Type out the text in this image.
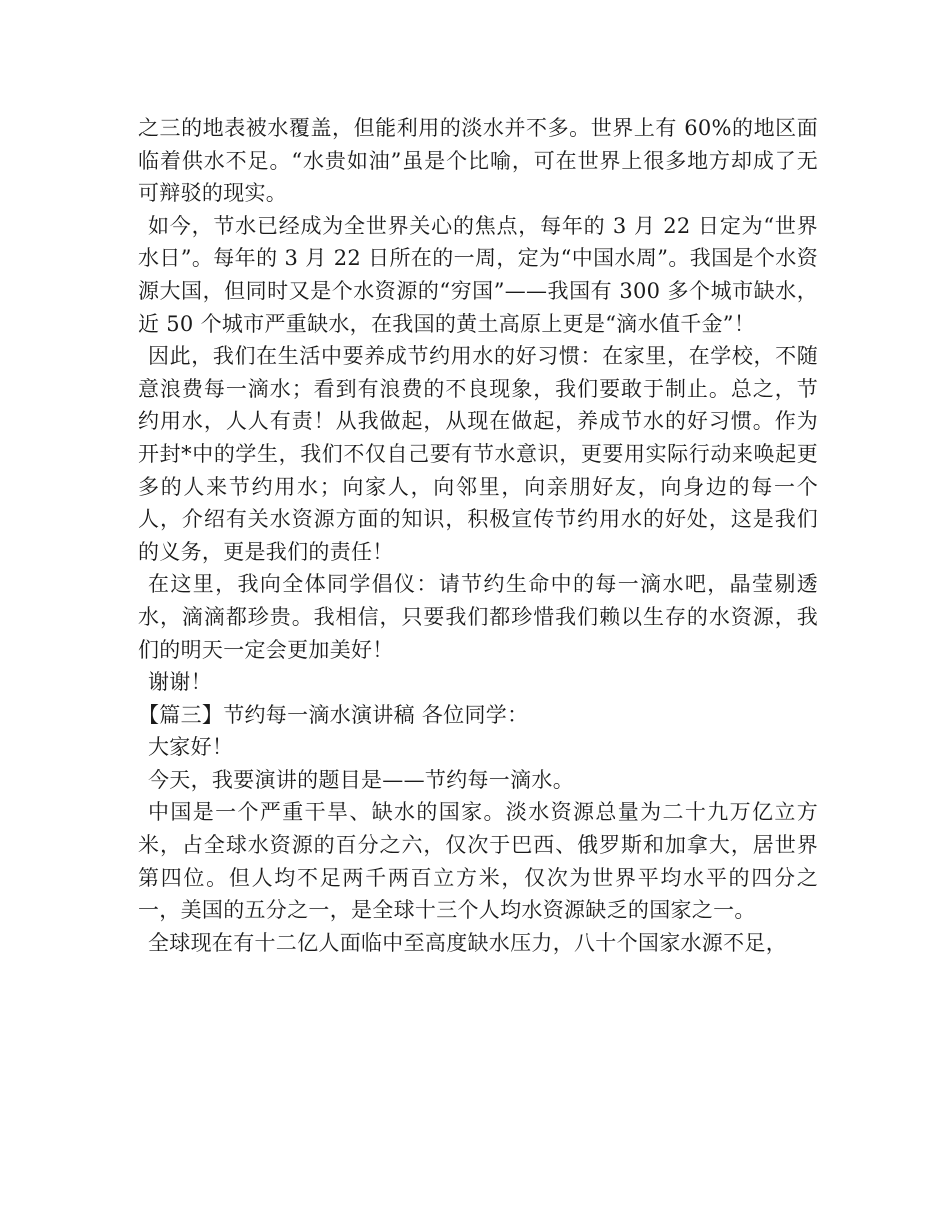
之三的地表被水覆盖，但能利用的淡水并不多。世界上有 60%的地区面临着供水不足。“水贵如油”虽是个比喻，可在世界上很多地方却成了无可辩驳的现实。

如今，节水已经成为全世界关心的焦点，每年的 3 月 22 日定为“世界水日”。每年的 3 月 22 日所在的一周，定为“中国水周”。我国是个水资源大国，但同时又是个水资源的“穷国”——我国有 300 多个城市缺水，近 50 个城市严重缺水，在我国的黄土高原上更是“滴水值千金”！

因此，我们在生活中要养成节约用水的好习惯：在家里，在学校，不随意浪费每一滴水；看到有浪费的不良现象，我们要敢于制止。总之，节约用水，人人有责！从我做起，从现在做起，养成节水的好习惯。作为开封*中的学生，我们不仅自己要有节水意识，更要用实际行动来唤起更多的人来节约用水；向家人，向邻里，向亲朋好友，向身边的每一个人，介绍有关水资源方面的知识，积极宣传节约用水的好处，这是我们的义务，更是我们的责任！

在这里，我向全体同学倡仪：请节约生命中的每一滴水吧，晶莹剔透水，滴滴都珍贵。我相信，只要我们都珍惜我们赖以生存的水资源，我们的明天一定会更加美好！

谢谢！

【篇三】节约每一滴水演讲稿 各位同学：

大家好！

今天，我要演讲的题目是——节约每一滴水。

中国是一个严重干旱、缺水的国家。淡水资源总量为二十九万亿立方米，占全球水资源的百分之六，仅次于巴西、俄罗斯和加拿大，居世界第四位。但人均不足两千两百立方米，仅次为世界平均水平的四分之一，美国的五分之一，是全球十三个人均水资源缺乏的国家之一。

全球现在有十二亿人面临中至高度缺水压力，八十个国家水源不足，
